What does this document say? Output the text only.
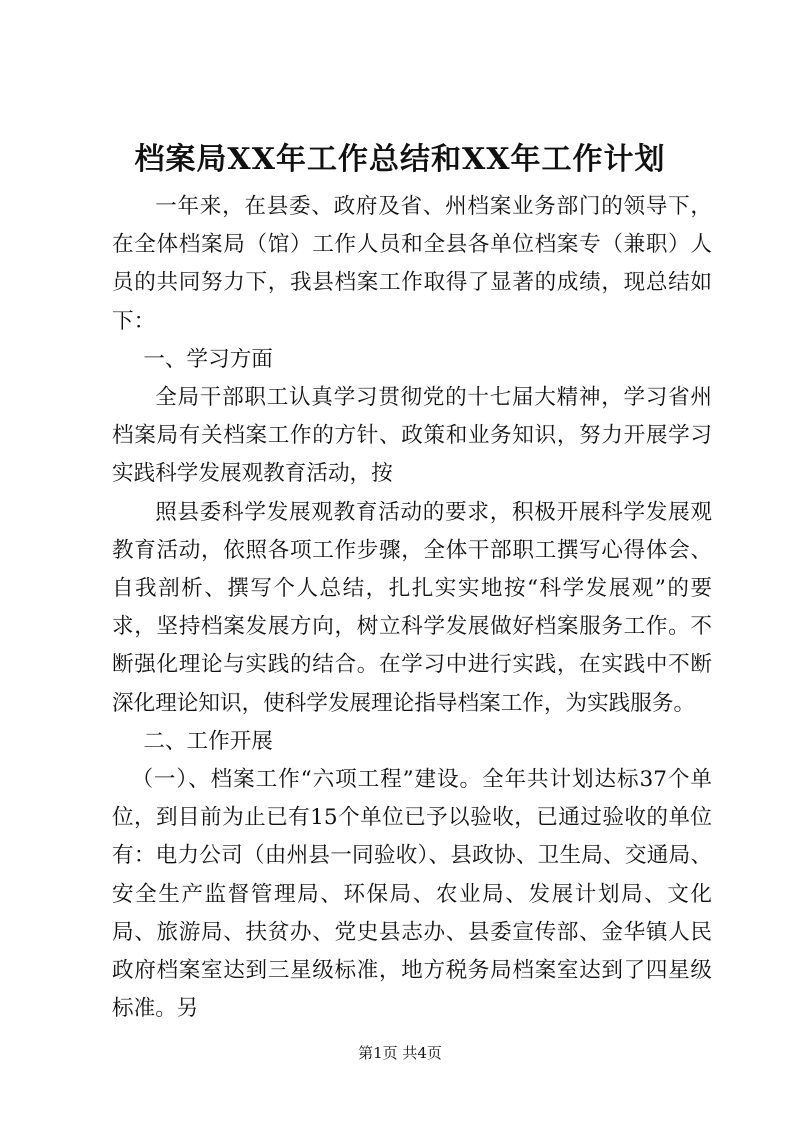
档案局XX年工作总结和XX年工作计划

一年来，在县委、政府及省、州档案业务部门的领导下，在全体档案局（馆）工作人员和全县各单位档案专（兼职）人员的共同努力下，我县档案工作取得了显著的成绩，现总结如下：

一、学习方面

全局干部职工认真学习贯彻党的十七届大精神，学习省州档案局有关档案工作的方针、政策和业务知识，努力开展学习实践科学发展观教育活动，按

照县委科学发展观教育活动的要求，积极开展科学发展观教育活动，依照各项工作步骤，全体干部职工撰写心得体会、自我剖析、撰写个人总结，扎扎实实地按“科学发展观”的要求，坚持档案发展方向，树立科学发展做好档案服务工作。不断强化理论与实践的结合。在学习中进行实践，在实践中不断深化理论知识，使科学发展理论指导档案工作，为实践服务。

二、工作开展

（一）、档案工作“六项工程”建设。全年共计划达标37个单位，到目前为止已有15个单位已予以验收，已通过验收的单位有：电力公司（由州县一同验收）、县政协、卫生局、交通局、安全生产监督管理局、环保局、农业局、发展计划局、文化局、旅游局、扶贫办、党史县志办、县委宣传部、金华镇人民政府档案室达到三星级标准，地方税务局档案室达到了四星级标准。另

第1页 共4页
